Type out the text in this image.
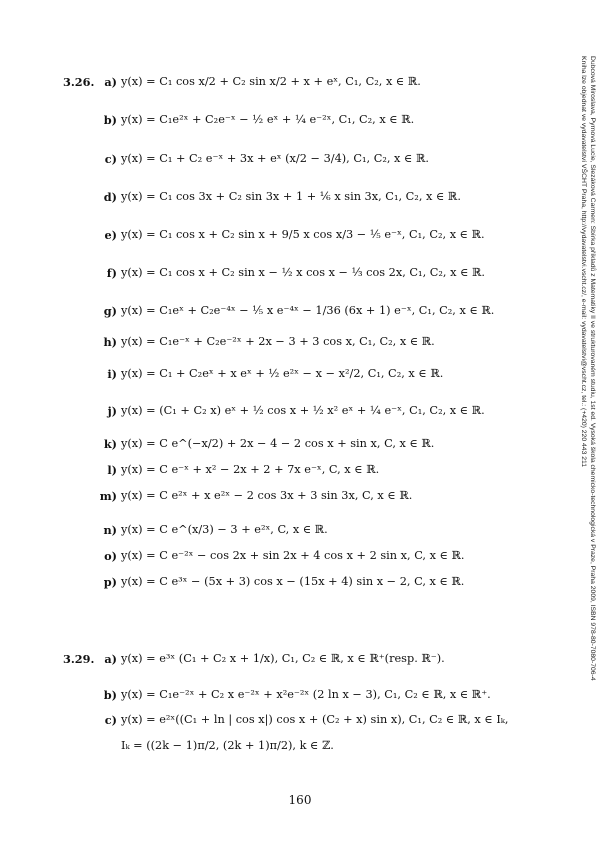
3.26. a) y(x) = C₁ cos x/2 + C₂ sin x/2 + x + eˣ, C₁, C₂, x ∈ ℝ.
b) y(x) = C₁e²ˣ + C₂e⁻ˣ − ½ eˣ + ¼ e⁻²ˣ, C₁, C₂, x ∈ ℝ.
c) y(x) = C₁ + C₂ e⁻ˣ + 3x + eˣ (x/2 − 3/4), C₁, C₂, x ∈ ℝ.
d) y(x) = C₁ cos 3x + C₂ sin 3x + 1 + ⅙ x sin 3x, C₁, C₂, x ∈ ℝ.
e) y(x) = C₁ cos x + C₂ sin x + 9/5 x cos x/3 − ⅕ e⁻ˣ, C₁, C₂, x ∈ ℝ.
f) y(x) = C₁ cos x + C₂ sin x − ½ x cos x − ⅓ cos 2x, C₁, C₂, x ∈ ℝ.
g) y(x) = C₁eˣ + C₂e⁻⁴ˣ − ⅕ x e⁻⁴ˣ − 1/36 (6x + 1) e⁻ˣ, C₁, C₂, x ∈ ℝ.
h) y(x) = C₁e⁻ˣ + C₂e⁻²ˣ + 2x − 3 + 3 cos x, C₁, C₂, x ∈ ℝ.
i) y(x) = C₁ + C₂eˣ + x eˣ + ½ e²ˣ − x − x²/2, C₁, C₂, x ∈ ℝ.
j) y(x) = (C₁ + C₂ x) eˣ + ½ cos x + ½ x² eˣ + ¼ e⁻ˣ, C₁, C₂, x ∈ ℝ.
k) y(x) = C e^(−x/2) + 2x − 4 − 2 cos x + sin x, C, x ∈ ℝ.
l) y(x) = C e⁻ˣ + x² − 2x + 2 + 7x e⁻ˣ, C, x ∈ ℝ.
m) y(x) = C e²ˣ + x e²ˣ − 2 cos 3x + 3 sin 3x, C, x ∈ ℝ.
n) y(x) = C e^(x/3) − 3 + e²ˣ, C, x ∈ ℝ.
o) y(x) = C e⁻²ˣ − cos 2x + sin 2x + 4 cos x + 2 sin x, C, x ∈ ℝ.
p) y(x) = C e³ˣ − (5x + 3) cos x − (15x + 4) sin x − 2, C, x ∈ ℝ.
3.29. a) y(x) = e³ˣ (C₁ + C₂ x + 1/x), C₁, C₂ ∈ ℝ, x ∈ ℝ⁺(resp. ℝ⁻).
b) y(x) = C₁e⁻²ˣ + C₂ x e⁻²ˣ + x²e⁻²ˣ (2 ln x − 3), C₁, C₂ ∈ ℝ, x ∈ ℝ⁺.
c) y(x) = e²ˣ((C₁ + ln | cos x|) cos x + (C₂ + x) sin x), C₁, C₂ ∈ ℝ, x ∈ Iₖ,
Iₖ = ((2k − 1)π/2, (2k + 1)π/2), k ∈ ℤ.
160
Dubcová Miroslava, Pyrnová Lucie, Slezáková Carmen: Sbírka příkladů z Matematiky II ve strukturovaném studiu, 1st ed. Vysoká škola chemicko-technologická v Praze, Praha 2009, ISBN 978-80-7080-706-4
Kniha lze objednat ve vydavatelství VŠCHT Praha, http://vydavatelstvi.vscht.cz/, e-mail: vydavatelstvi@vscht.cz, tel.: (+420) 220 443 211
